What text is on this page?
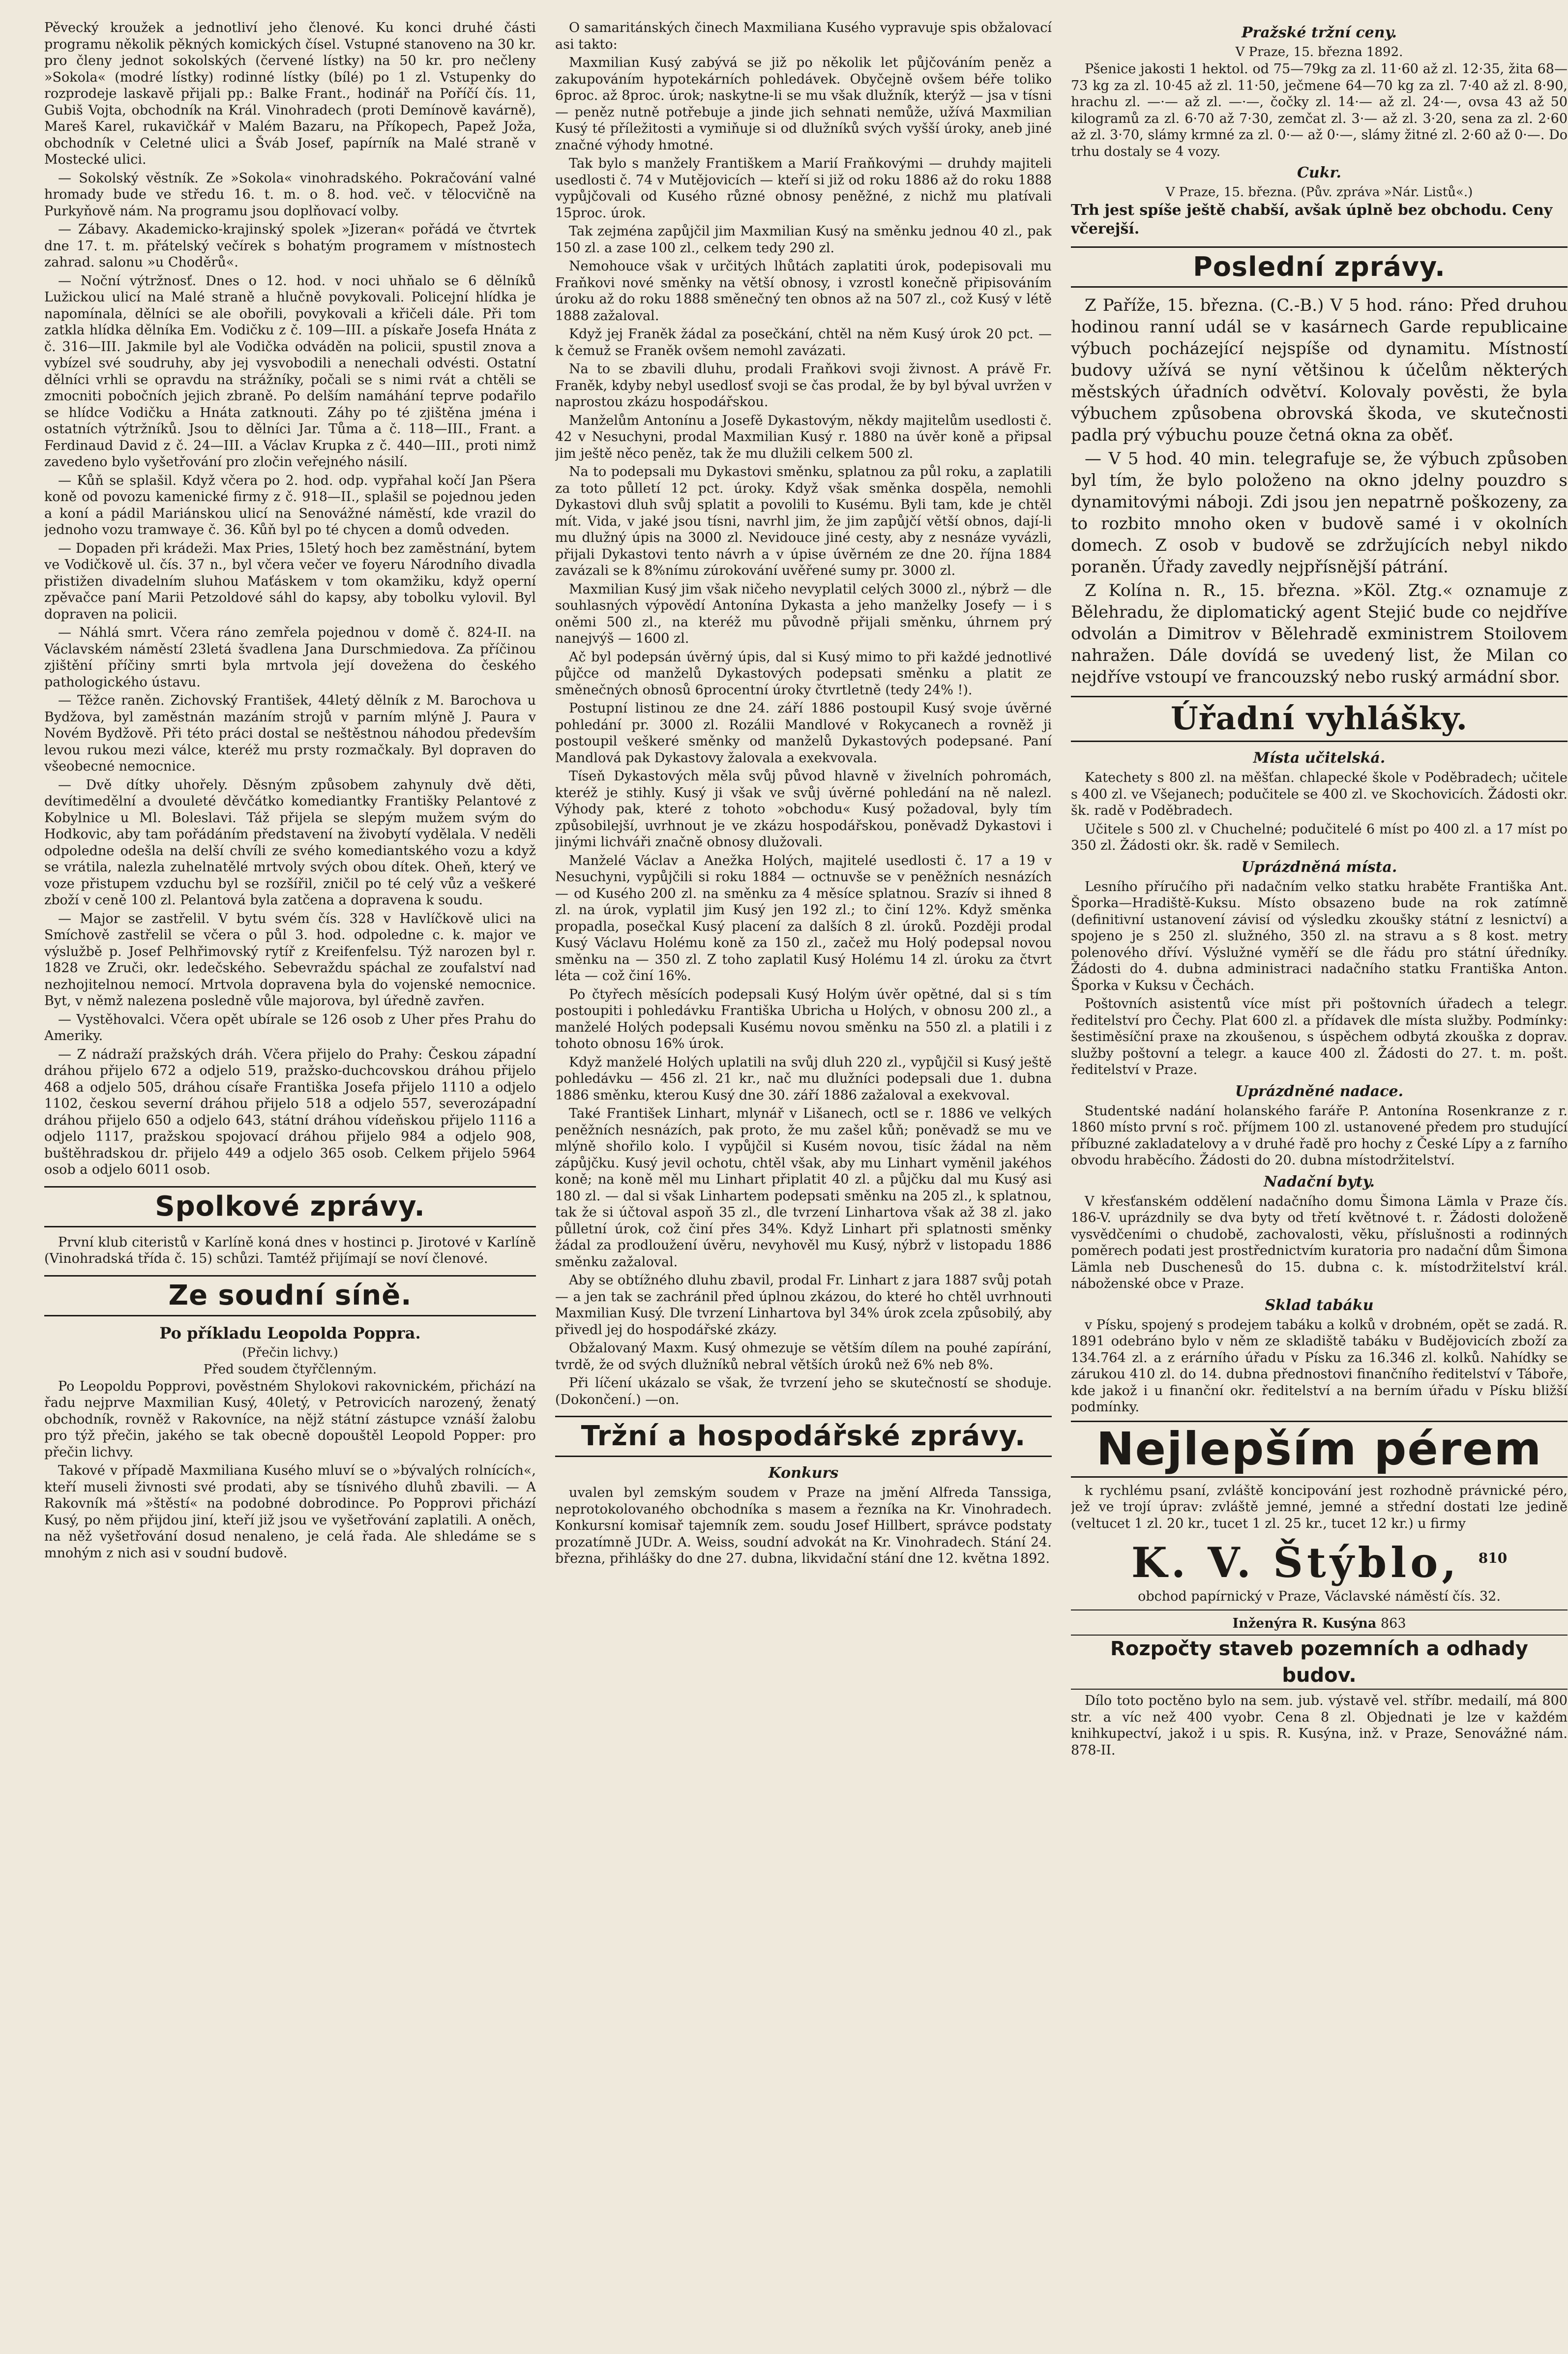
Pěvecký kroužek a jednotliví jeho členové. Ku konci druhé části programu několik pěkných komických čísel. Vstupné stanoveno na 30 kr. pro členy jednot sokolských (červené lístky) na 50 kr. pro nečleny »Sokola« (modré lístky) rodinné lístky (bílé) po 1 zl. Vstupenky do rozprodeje laskavě přijali pp.: Balke Frant., hodinář na Poříčí čís. 11, Gubiš Vojta, obchodník na Král. Vinohradech (proti Demínově kavárně), Mareš Karel, rukavičkář v Malém Bazaru, na Příkopech, Papež Joža, obchodník v Celetné ulici a Šváb Josef, papírník na Malé straně v Mostecké ulici.

— Sokolský věstník. Ze »Sokola« vinohradského. Pokračování valné hromady bude ve středu 16. t. m. o 8. hod. več. v tělocvičně na Purkyňově nám. Na programu jsou doplňovací volby.

— Zábavy. Akademicko-krajinský spolek »Jizeran« pořádá ve čtvrtek dne 17. t. m. přátelský večírek s bohatým programem v místnostech zahrad. salonu »u Choděrů«.

— Noční výtržnosť. Dnes o 12. hod. v noci uhňalo se 6 dělníků Lužickou ulicí na Malé straně a hlučně povykovali. Policejní hlídka je napomínala, dělníci se ale obořili, povykovali a křičeli dále. Při tom zatkla hlídka dělníka Em. Vodičku z č. 109—III. a pískaře Josefa Hnáta z č. 316—III. Jakmile byl ale Vodička odváděn na policii, spustil znova a vybízel své soudruhy, aby jej vysvobodili a nenechali odvésti. Ostatní dělníci vrhli se opravdu na strážníky, počali se s nimi rvát a chtěli se zmocniti pobočních jejich zbraně. Po delším namáhání teprve podařilo se hlídce Vodičku a Hnáta zatknouti. Záhy po té zjištěna jména i ostatních výtržníků. Jsou to dělníci Jar. Tůma a č. 118—III., Frant. a Ferdinaud David z č. 24—III. a Václav Krupka z č. 440—III., proti nimž zavedeno bylo vyšetřování pro zločin veřejného násilí.

— Kůň se splašil. Když včera po 2. hod. odp. vypřahal kočí Jan Pšera koně od povozu kamenické firmy z č. 918—II., splašil se pojednou jeden a koní a pádil Mariánskou ulicí na Senovážné náměstí, kde vrazil do jednoho vozu tramwaye č. 36. Kůň byl po té chycen a domů odveden.

— Dopaden při krádeži. Max Pries, 15letý hoch bez zaměstnání, bytem ve Vodičkově ul. čís. 37 n., byl včera večer ve foyeru Národního divadla přistižen divadelním sluhou Maťáskem v tom okamžiku, když operní zpěvačce paní Marii Petzoldové sáhl do kapsy, aby tobolku vylovil. Byl dopraven na policii.

— Náhlá smrt. Včera ráno zemřela pojednou v domě č. 824-II. na Václavském náměstí 23letá švadlena Jana Durschmiedova. Za příčinou zjištění příčiny smrti byla mrtvola její dovežena do českého pathologického ústavu.

— Těžce raněn. Zichovský František, 44letý dělník z M. Barochova u Bydžova, byl zaměstnán mazáním strojů v parním mlýně J. Paura v Novém Bydžově. Při této práci dostal se neštěstnou náhodou především levou rukou mezi válce, kteréž mu prsty rozmačkaly. Byl dopraven do všeobecné nemocnice.

— Dvě dítky uhořely. Děsným způsobem zahynuly dvě děti, devítimedělní a dvouleté děvčátko komediantky Františky Pelantové z Kobylnice u Ml. Boleslavi. Táž přijela se slepým mužem svým do Hodkovic, aby tam pořádáním představení na živobytí vydělala. V neděli odpoledne odešla na delší chvíli ze svého komediantského vozu a když se vrátila, nalezla zuhelnatělé mrtvoly svých obou dítek. Oheň, který ve voze přistupem vzduchu byl se rozšířil, zničil po té celý vůz a veškeré zboží v ceně 100 zl. Pelantová byla zatčena a dopravena k soudu.

— Major se zastřelil. V bytu svém čís. 328 v Havlíčkově ulici na Smíchově zastřelil se včera o půl 3. hod. odpoledne c. k. major ve výslužbě p. Josef Pelhřimovský rytíř z Kreifenfelsu. Týž narozen byl r. 1828 ve Zruči, okr. ledečského. Sebevraždu spáchal ze zoufalství nad nezhojitelnou nemocí. Mrtvola dopravena byla do vojenské nemocnice. Byt, v němž nalezena posledně vůle majorova, byl úředně zavřen.

— Vystěhovalci. Včera opět ubírale se 126 osob z Uher přes Prahu do Ameriky.

— Z nádraží pražských dráh. Včera přijelo do Prahy: Českou západní dráhou přijelo 672 a odjelo 519, pražsko-duchcovskou dráhou přijelo 468 a odjelo 505, dráhou císaře Františka Josefa přijelo 1110 a odjelo 1102, českou severní dráhou přijelo 518 a odjelo 557, severozápadní dráhou přijelo 650 a odjelo 643, státní dráhou vídeňskou přijelo 1116 a odjelo 1117, pražskou spojovací dráhou přijelo 984 a odjelo 908, buštěhradskou dr. přijelo 449 a odjelo 365 osob. Celkem přijelo 5964 osob a odjelo 6011 osob.

Spolkové zprávy.

První klub citeristů v Karlíně koná dnes v hostinci p. Jirotové v Karlíně (Vinohradská třída č. 15) schůzi. Tamtéž přijímají se noví členové.

Ze soudní síně.
Po příkladu Leopolda Poppra.
(Přečin lichvy.)
Před soudem čtyřčlenným.

Po Leopoldu Popprovi, pověstném Shylokovi rakovnickém, přichází na řadu nejprve Maxmilian Kusý, 40letý, v Petrovicích narozený, ženatý obchodník, rovněž v Rakovníce, na nějž státní zástupce vznáší žalobu pro týž přečin, jakého se tak obecně dopouštěl Leopold Popper: pro přečin lichvy.

Takové v případě Maxmiliana Kusého mluví se o »bývalých rolnících«, kteří museli živnosti své prodati, aby se tísnivého dluhů zbavili. — A Rakovník má »štěstí« na podobné dobrodince. Po Popprovi přichází Kusý, po něm přijdou jiní, kteří již jsou ve vyšetřování zaplatili. A oněch, na něž vyšetřování dosud nenaleno, je celá řada. Ale shledáme se s mnohým z nich asi v soudní budově.

O samaritánských činech Maxmiliana Kusého vypravuje spis obžalovací asi takto:

Maxmilian Kusý zabývá se již po několik let půjčováním peněz a zakupováním hypotekárních pohledávek. Obyčejně ovšem béře toliko 6proc. až 8proc. úrok; naskytne-li se mu však dlužník, kterýž — jsa v tísni — peněz nutně potřebuje a jinde jich sehnati nemůže, užívá Maxmilian Kusý té příležitosti a vymiňuje si od dlužníků svých vyšší úroky, aneb jiné značné výhody hmotné.

Tak bylo s manžely Františkem a Marií Fraňkovými — druhdy majiteli usedlosti č. 74 v Mutějovicích — kteří si již od roku 1886 až do roku 1888 vypůjčovali od Kusého různé obnosy peněžné, z nichž mu platívali 15proc. úrok.

Tak zejména zapůjčil jim Maxmilian Kusý na směnku jednou 40 zl., pak 150 zl. a zase 100 zl., celkem tedy 290 zl.

Nemohouce však v určitých lhůtách zaplatiti úrok, podepisovali mu Fraňkovi nové směnky na větší obnosy, i vzrostl konečně připisováním úroku až do roku 1888 směnečný ten obnos až na 507 zl., což Kusý v létě 1888 zažaloval.

Když jej Franěk žádal za posečkání, chtěl na něm Kusý úrok 20 pct. — k čemuž se Franěk ovšem nemohl zavázati.

Na to se zbavili dluhu, prodali Fraňkovi svoji živnost. A právě Fr. Franěk, kdyby nebyl usedlosť svoji se čas prodal, že by byl býval uvržen v naprostou zkázu hospodářskou.

Manželům Antonínu a Josefě Dykastovým, někdy majitelům usedlosti č. 42 v Nesuchyni, prodal Maxmilian Kusý r. 1880 na úvěr koně a připsal jim ještě něco peněz, tak že mu dlužili celkem 500 zl.

Na to podepsali mu Dykastovi směnku, splatnou za půl roku, a zaplatili za toto půlletí 12 pct. úroky. Když však směnka dospěla, nemohli Dykastovi dluh svůj splatit a povolili to Kusému. Byli tam, kde je chtěl mít. Vida, v jaké jsou tísni, navrhl jim, že jim zapůjčí větší obnos, dají-li mu dlužný úpis na 3000 zl. Nevidouce jiné cesty, aby z nesnáze vyvázli, přijali Dykastovi tento návrh a v úpise úvěrném ze dne 20. října 1884 zavázali se k 8%nímu zúrokování uvěřené sumy pr. 3000 zl.

Maxmilian Kusý jim však ničeho nevyplatil celých 3000 zl., nýbrž — dle souhlasných výpovědí Antonína Dykasta a jeho manželky Josefy — i s oněmi 500 zl., na kteréž mu původně přijali směnku, úhrnem prý nanejvýš — 1600 zl.

Ač byl podepsán úvěrný úpis, dal si Kusý mimo to při každé jednotlivé půjčce od manželů Dykastových podepsati směnku a platit ze směnečných obnosů 6procentní úroky čtvrtletně (tedy 24% !).

Postupní listinou ze dne 24. září 1886 postoupil Kusý svoje úvěrné pohledání pr. 3000 zl. Rozálii Mandlové v Rokycanech a rovněž ji postoupil veškeré směnky od manželů Dykastových podepsané. Paní Mandlová pak Dykastovy žalovala a exekvovala.

Tíseň Dykastových měla svůj původ hlavně v živelních pohromách, kteréž je stihly. Kusý ji však ve svůj úvěrné pohledání na ně nalezl. Výhody pak, které z tohoto »obchodu« Kusý požadoval, byly tím způsobilejší, uvrhnout je ve zkázu hospodářskou, poněvadž Dykastovi i jinými lichváři značně obnosy dlužovali.

Manželé Václav a Anežka Holých, majitelé usedlosti č. 17 a 19 v Nesuchyni, vypůjčili si roku 1884 — octnuvše se v peněžních nesnázích — od Kusého 200 zl. na směnku za 4 měsíce splatnou. Srazív si ihned 8 zl. na úrok, vyplatil jim Kusý jen 192 zl.; to činí 12%. Když směnka propadla, posečkal Kusý placení za dalších 8 zl. úroků. Později prodal Kusý Václavu Holému koně za 150 zl., začež mu Holý podepsal novou směnku na — 350 zl. Z toho zaplatil Kusý Holému 14 zl. úroku za čtvrt léta — což činí 16%.

Po čtyřech měsících podepsali Kusý Holým úvěr opětné, dal si s tím postoupiti i pohledávku Františka Ubricha u Holých, v obnosu 200 zl., a manželé Holých podepsali Kusému novou směnku na 550 zl. a platili i z tohoto obnosu 16% úrok.

Když manželé Holých uplatili na svůj dluh 220 zl., vypůjčil si Kusý ještě pohledávku — 456 zl. 21 kr., nač mu dlužníci podepsali due 1. dubna 1886 směnku, kterou Kusý dne 30. září 1886 zažaloval a exekvoval.

Také František Linhart, mlynář v Lišanech, octl se r. 1886 ve velkých peněžních nesnázích, pak proto, že mu zašel kůň; poněvadž se mu ve mlýně shořilo kolo. I vypůjčil si Kusém novou, tisíc žádal na něm zápůjčku. Kusý jevil ochotu, chtěl však, aby mu Linhart vyměnil jakéhos koně; na koně měl mu Linhart připlatit 40 zl. a půjčku dal mu Kusý asi 180 zl. — dal si však Linhartem podepsati směnku na 205 zl., k splatnou, tak že si účtoval aspoň 35 zl., dle tvrzení Linhartova však až 38 zl. jako půlletní úrok, což činí přes 34%. Když Linhart při splatnosti směnky žádal za prodloužení úvěru, nevyhověl mu Kusý, nýbrž v listopadu 1886 směnku zažaloval.

Aby se obtížného dluhu zbavil, prodal Fr. Linhart z jara 1887 svůj potah — a jen tak se zachránil před úplnou zkázou, do které ho chtěl uvrhnouti Maxmilian Kusý. Dle tvrzení Linhartova byl 34% úrok zcela způsobilý, aby přivedl jej do hospodářské zkázy.

Obžalovaný Maxm. Kusý ohmezuje se větším dílem na pouhé zapírání, tvrdě, že od svých dlužníků nebral větších úroků než 6% neb 8%.

Při líčení ukázalo se však, že tvrzení jeho se skutečností se shoduje. (Dokončení.) —on.

Tržní a hospodářské zprávy.
Konkurs

uvalen byl zemským soudem v Praze na jmění Alfreda Tanssiga, neprotokolovaného obchodníka s masem a řezníka na Kr. Vinohradech. Konkursní komisař tajemník zem. soudu Josef Hillbert, správce podstaty prozatímně JUDr. A. Weiss, soudní advokát na Kr. Vinohradech. Stání 24. března, přihlášky do dne 27. dubna, likvidační stání dne 12. května 1892.

Pražské tržní ceny.
V Praze, 15. března 1892.

Pšenice jakosti 1 hektol. od 75—79kg za zl. 11·60 až zl. 12·35, žita 68—73 kg za zl. 10·45 až zl. 11·50, ječmene 64—70 kg za zl. 7·40 až zl. 8·90, hrachu zl. —·— až zl. —·—, čočky zl. 14·— až zl. 24·—, ovsa 43 až 50 kilogramů za zl. 6·70 až 7·30, zemčat zl. 3·— až zl. 3·20, sena za zl. 2·60 až zl. 3·70, slámy krmné za zl. 0·— až 0·—, slámy žitné zl. 2·60 až 0·—. Do trhu dostaly se 4 vozy.

Cukr.
V Praze, 15. března. (Pův. zpráva »Nár. Listů«.)

Trh jest spíše ještě chabší, avšak úplně bez obchodu. Ceny včerejší.

Poslední zprávy.

Z Paříže, 15. března. (C.-B.) V 5 hod. ráno: Před druhou hodinou ranní udál se v kasárnech Garde republicaine výbuch pocházející nejspíše od dynamitu. Místností budovy užívá se nyní většinou k účelům některých městských úřadních odvětví. Kolovaly pověsti, že byla výbuchem způsobena obrovská škoda, ve skutečnosti padla prý výbuchu pouze četná okna za oběť.

— V 5 hod. 40 min. telegrafuje se, že výbuch způsoben byl tím, že bylo položeno na okno jdelny pouzdro s dynamitovými náboji. Zdi jsou jen nepatrně poškozeny, za to rozbito mnoho oken v budově samé i v okolních domech. Z osob v budově se zdržujících nebyl nikdo poraněn. Úřady zavedly nejpřísnější pátrání.

Z Kolína n. R., 15. března. »Köl. Ztg.« oznamuje z Bělehradu, že diplomatický agent Stejić bude co nejdříve odvolán a Dimitrov v Bělehradě exministrem Stoilovem nahražen. Dále dovídá se uvedený list, že Milan co nejdříve vstoupí ve francouzský nebo ruský armádní sbor.

Úřadní vyhlášky.
Místa učitelská.

Katechety s 800 zl. na měšťan. chlapecké škole v Poděbradech; učitele s 400 zl. ve Všejanech; podučitele se 400 zl. ve Skochovicích. Žádosti okr. šk. radě v Poděbradech.

Učitele s 500 zl. v Chuchelné; podučitelé 6 míst po 400 zl. a 17 míst po 350 zl. Žádosti okr. šk. radě v Semilech.

Uprázdněná místa.

Lesního příručího při nadačním velko statku hraběte Františka Ant. Šporka—Hradiště-Kuksu. Místo obsazeno bude na rok zatímně (definitivní ustanovení závisí od výsledku zkoušky státní z lesnictví) a spojeno je s 250 zl. služného, 350 zl. na stravu a s 8 kost. metry polenového dříví. Výslužné vyměří se dle řádu pro státní úředníky. Žádosti do 4. dubna administraci nadačního statku Františka Anton. Šporka v Kuksu v Čechách.

Poštovních asistentů více míst při poštovních úřadech a telegr. ředitelství pro Čechy. Plat 600 zl. a přídavek dle místa služby. Podmínky: šestiměsíční praxe na zkoušenou, s úspěchem odbytá zkouška z doprav. služby poštovní a telegr. a kauce 400 zl. Žádosti do 27. t. m. pošt. ředitelství v Praze.

Uprázdněné nadace.

Studentské nadání holanského faráře P. Antonína Rosenkranze z r. 1860 místo první s roč. příjmem 100 zl. ustanovené předem pro studující příbuzné zakladatelovy a v druhé řadě pro hochy z České Lípy a z farního obvodu hraběcího. Žádosti do 20. dubna místodržitelství.

Nadační byty.

V křesťanském oddělení nadačního domu Šimona Lämla v Praze čís. 186-V. uprázdnily se dva byty od třetí květnové t. r. Žádosti doloženě vysvědčeními o chudobě, zachovalosti, věku, příslušnosti a rodinných poměrech podati jest prostřednictvím kuratoria pro nadační dům Šimona Lämla neb Duschenesů do 15. dubna c. k. místodržitelství král. náboženské obce v Praze.

Sklad tabáku

v Písku, spojený s prodejem tabáku a kolků v drobném, opět se zadá. R. 1891 odebráno bylo v něm ze skladiště tabáku v Budějovicích zboží za 134.764 zl. a z erárního úřadu v Písku za 16.346 zl. kolků. Nahídky se zárukou 410 zl. do 14. dubna přednostovi finančního ředitelství v Táboře, kde jakož i u finanční okr. ředitelství a na berním úřadu v Písku bližší podmínky.

Nejlepším pérem

k rychlému psaní, zvláště koncipování jest rozhodně právnické péro, jež ve trojí úprav: zvláště jemné, jemné a střední dostati lze jedině (veltucet 1 zl. 20 kr., tucet 1 zl. 25 kr., tucet 12 kr.) u firmy

K. V. Štýblo, $^{810}$
obchod papírnický v Praze, Václavské náměstí čís. 32.
Inženýra R. Kusýna 863
Rozpočty staveb pozemních a odhady budov.

Dílo toto poctěno bylo na sem. jub. výstavě vel. stříbr. medailí, má 800 str. a víc než 400 vyobr. Cena 8 zl. Objednati je lze v každém knihkupectví, jakož i u spis. R. Kusýna, inž. v Praze, Senovážné nám. 878-II.
